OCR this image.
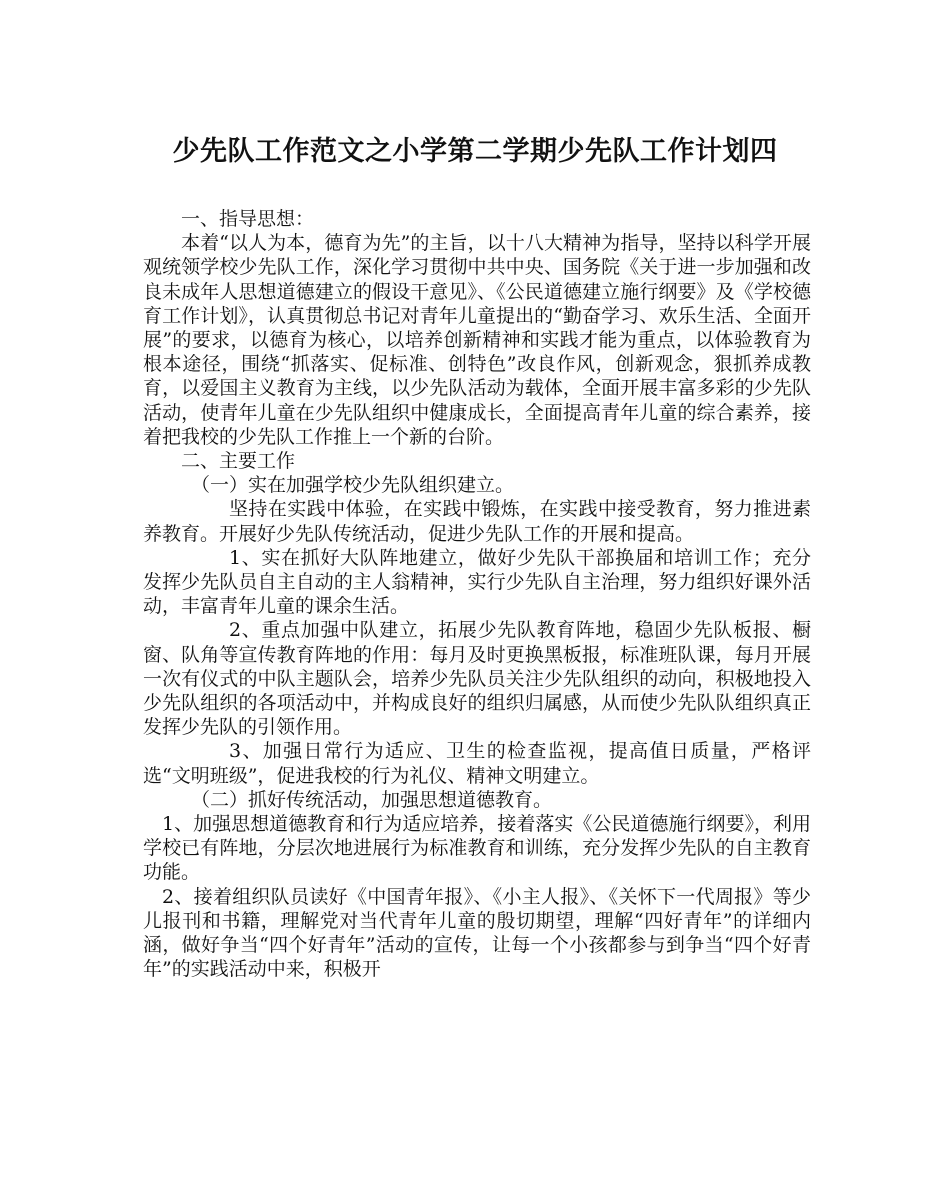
少先队工作范文之小学第二学期少先队工作计划四

一、指导思想：

本着“以人为本，德育为先”的主旨，以十八大精神为指导，坚持以科学开展观统领学校少先队工作，深化学习贯彻中共中央、国务院《关于进一步加强和改良未成年人思想道德建立的假设干意见》、《公民道德建立施行纲要》及《学校德育工作计划》，认真贯彻总书记对青年儿童提出的“勤奋学习、欢乐生活、全面开展”的要求，以德育为核心，以培养创新精神和实践才能为重点，以体验教育为根本途径，围绕“抓落实、促标准、创特色”改良作风，创新观念，狠抓养成教育，以爱国主义教育为主线，以少先队活动为载体，全面开展丰富多彩的少先队活动，使青年儿童在少先队组织中健康成长，全面提高青年儿童的综合素养，接着把我校的少先队工作推上一个新的台阶。

二、主要工作

（一）实在加强学校少先队组织建立。

坚持在实践中体验，在实践中锻炼，在实践中接受教育，努力推进素养教育。开展好少先队传统活动，促进少先队工作的开展和提高。

1、实在抓好大队阵地建立，做好少先队干部换届和培训工作；充分发挥少先队员自主自动的主人翁精神，实行少先队自主治理，努力组织好课外活动，丰富青年儿童的课余生活。

2、重点加强中队建立，拓展少先队教育阵地，稳固少先队板报、橱窗、队角等宣传教育阵地的作用：每月及时更换黑板报，标准班队课，每月开展一次有仪式的中队主题队会，培养少先队员关注少先队组织的动向，积极地投入少先队组织的各项活动中，并构成良好的组织归属感，从而使少先队队组织真正发挥少先队的引领作用。

3、加强日常行为适应、卫生的检查监视，提高值日质量，严格评选“文明班级”，促进我校的行为礼仪、精神文明建立。

（二）抓好传统活动，加强思想道德教育。

1、加强思想道德教育和行为适应培养，接着落实《公民道德施行纲要》，利用学校已有阵地，分层次地进展行为标准教育和训练，充分发挥少先队的自主教育功能。

2、接着组织队员读好《中国青年报》、《小主人报》、《关怀下一代周报》等少儿报刊和书籍，理解党对当代青年儿童的殷切期望，理解“四好青年”的详细内涵，做好争当“四个好青年”活动的宣传，让每一个小孩都参与到争当“四个好青年”的实践活动中来，积极开
